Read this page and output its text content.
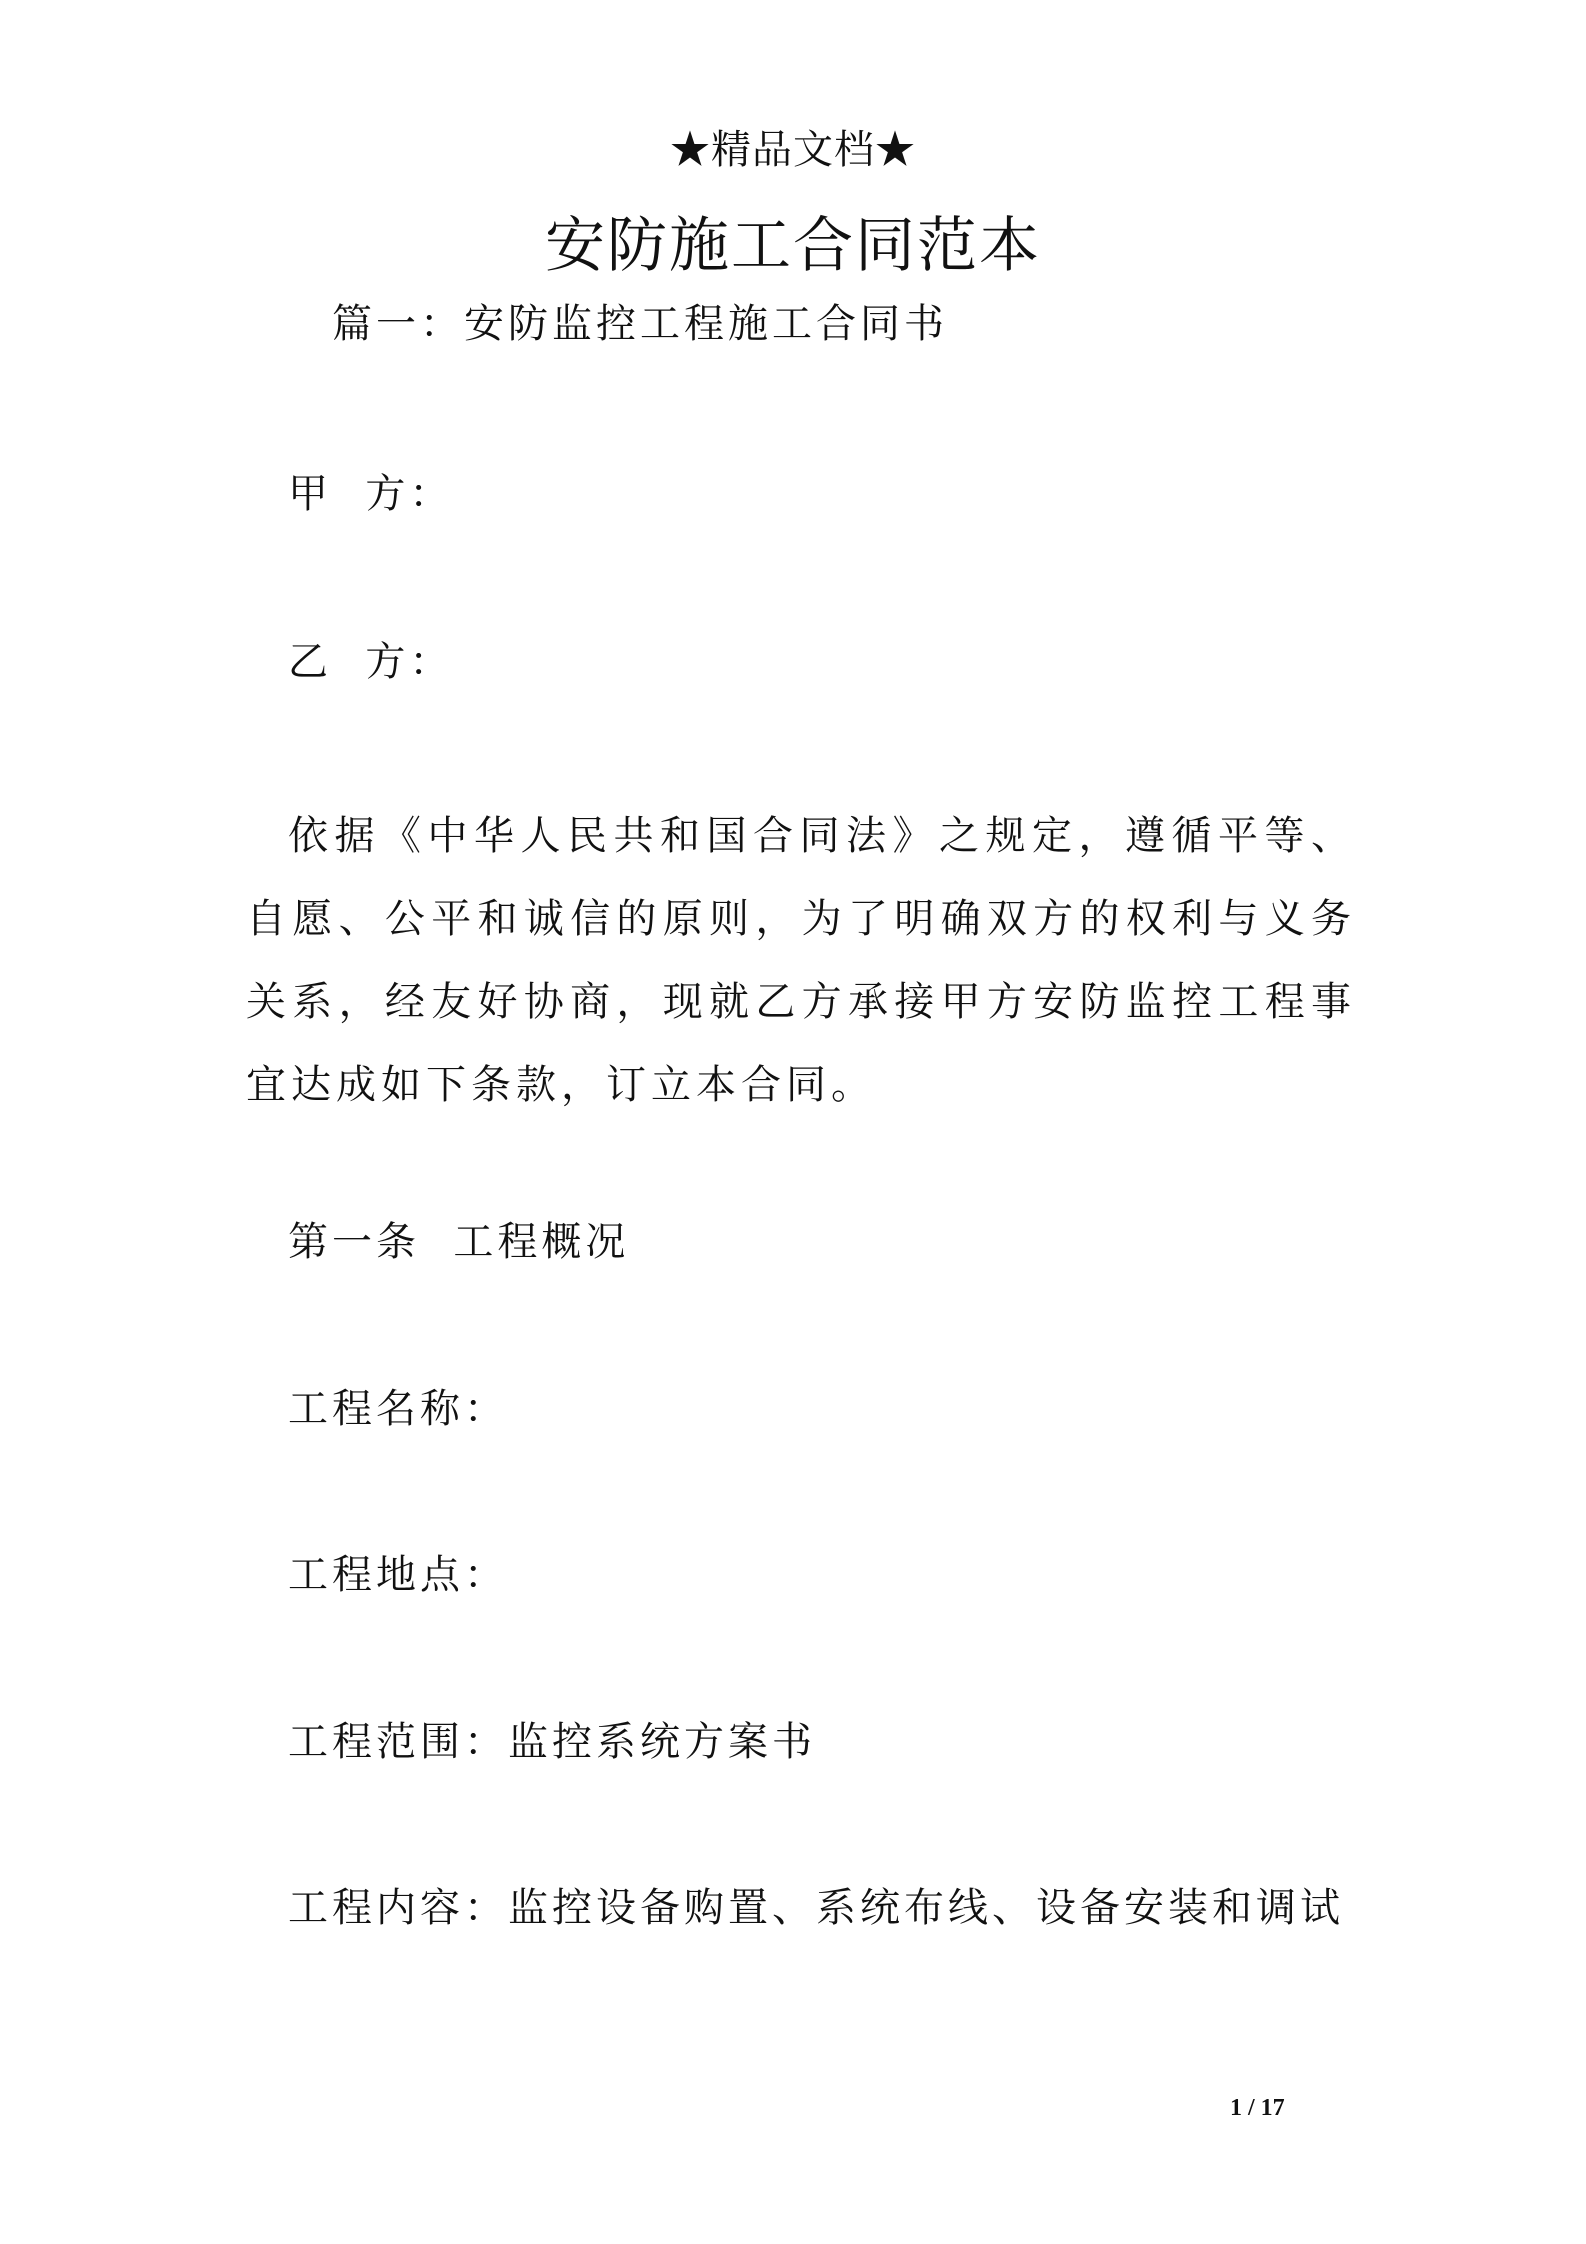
★精品文档★
安防施工合同范本
篇一：安防监控工程施工合同书
甲  方：
乙  方：
依据《中华人民共和国合同法》之规定，遵循平等、自愿、公平和诚信的原则，为了明确双方的权利与义务关系，经友好协商，现就乙方承接甲方安防监控工程事宜达成如下条款，订立本合同。
第一条  工程概况
工程名称：
工程地点：
工程范围：监控系统方案书
工程内容：监控设备购置、系统布线、设备安装和调试
1 / 17
